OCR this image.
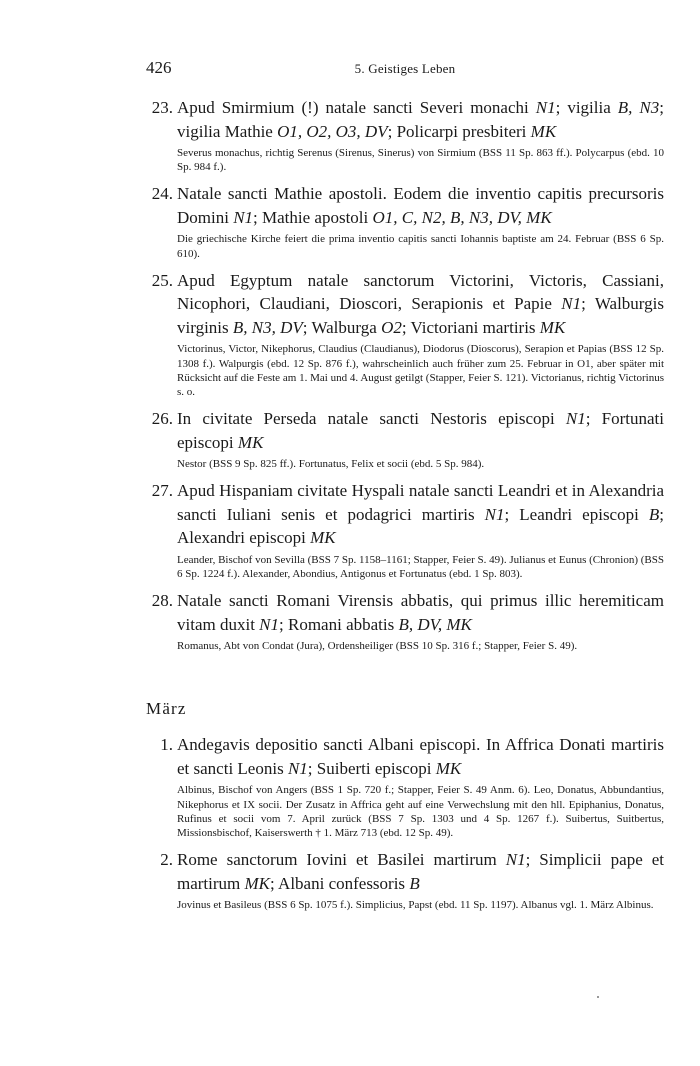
426	5. Geistiges Leben
23. Apud Smirmium (!) natale sancti Severi monachi N1; vigilia B, N3; vigilia Mathie O1, O2, O3, DV; Policarpi presbiteri MK
Severus monachus, richtig Serenus (Sirenus, Sinerus) von Sirmium (BSS 11 Sp. 863 ff.). Polycarpus (ebd. 10 Sp. 984 f.).
24. Natale sancti Mathie apostoli. Eodem die inventio capitis precursoris Domini N1; Mathie apostoli O1, C, N2, B, N3, DV, MK
Die griechische Kirche feiert die prima inventio capitis sancti Iohannis baptiste am 24. Februar (BSS 6 Sp. 610).
25. Apud Egyptum natale sanctorum Victorini, Victoris, Cassiani, Nicophori, Claudiani, Dioscori, Serapionis et Papie N1; Walburgis virginis B, N3, DV; Walburga O2; Victoriani martiris MK
Victorinus, Victor, Nikephorus, Claudius (Claudianus), Diodorus (Dioscorus), Serapion et Papias (BSS 12 Sp. 1308 f.). Walpurgis (ebd. 12 Sp. 876 f.), wahrscheinlich auch früher zum 25. Februar in O1, aber später mit Rücksicht auf die Feste am 1. Mai und 4. August getilgt (Stapper, Feier S. 121). Victorianus, richtig Victorinus s. o.
26. In civitate Perseda natale sancti Nestoris episcopi N1; Fortunati episcopi MK
Nestor (BSS 9 Sp. 825 ff.). Fortunatus, Felix et socii (ebd. 5 Sp. 984).
27. Apud Hispaniam civitate Hyspali natale sancti Leandri et in Alexandria sancti Iuliani senis et podagrici martiris N1; Leandri episcopi B; Alexandri episcopi MK
Leander, Bischof von Sevilla (BSS 7 Sp. 1158–1161; Stapper, Feier S. 49). Julianus et Eunus (Chronion) (BSS 6 Sp. 1224 f.). Alexander, Abondius, Antigonus et Fortunatus (ebd. 1 Sp. 803).
28. Natale sancti Romani Virensis abbatis, qui primus illic heremiticam vitam duxit N1; Romani abbatis B, DV, MK
Romanus, Abt von Condat (Jura), Ordensheiliger (BSS 10 Sp. 316 f.; Stapper, Feier S. 49).
März
1. Andegavis depositio sancti Albani episcopi. In Affrica Donati martiris et sancti Leonis N1; Suiberti episcopi MK
Albinus, Bischof von Angers (BSS 1 Sp. 720 f.; Stapper, Feier S. 49 Anm. 6). Leo, Donatus, Abbundantius, Nikephorus et IX socii. Der Zusatz in Affrica geht auf eine Verwechslung mit den hll. Epiphanius, Donatus, Rufinus et socii vom 7. April zurück (BSS 7 Sp. 1303 und 4 Sp. 1267 f.). Suibertus, Suitbertus, Missionsbischof, Kaiserswerth † 1. März 713 (ebd. 12 Sp. 49).
2. Rome sanctorum Iovini et Basilei martirum N1; Simplicii pape et martirum MK; Albani confessoris B
Jovinus et Basileus (BSS 6 Sp. 1075 f.). Simplicius, Papst (ebd. 11 Sp. 1197). Albanus vgl. 1. März Albinus.
